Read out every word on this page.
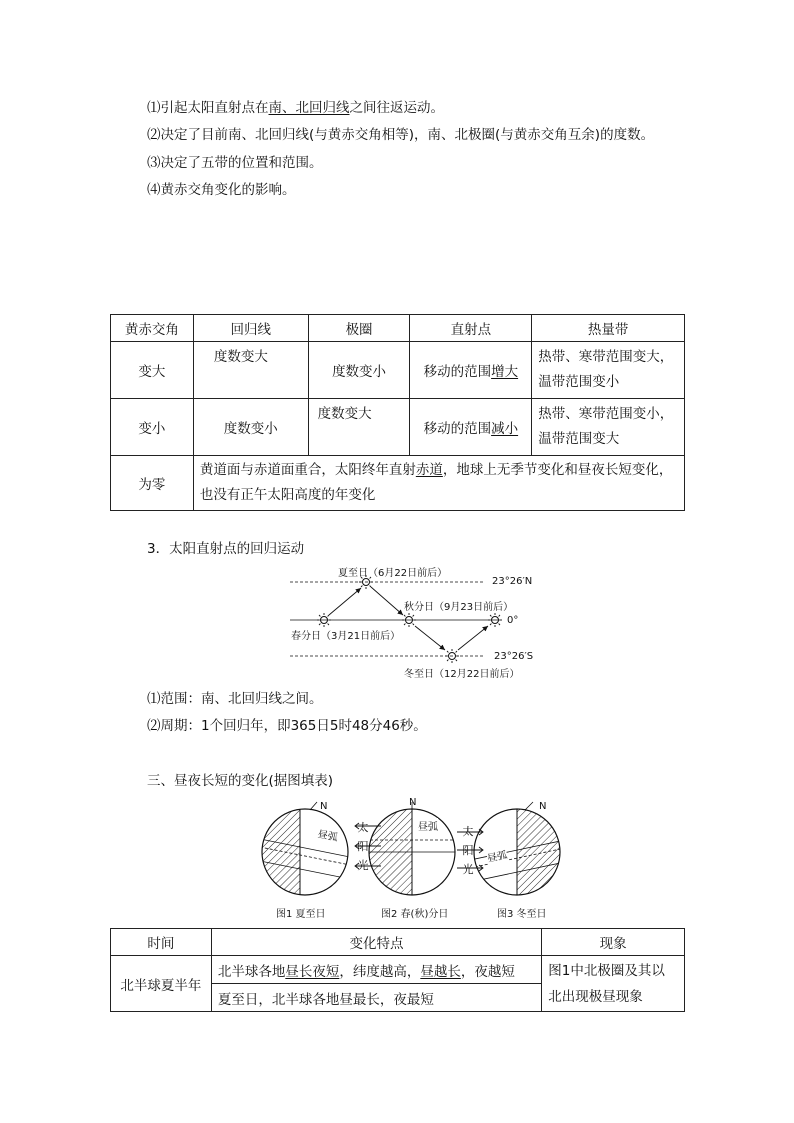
⑴引起太阳直射点在南、北回归线之间往返运动。
⑵决定了目前南、北回归线(与黄赤交角相等)，南、北极圈(与黄赤交角互余)的度数。
⑶决定了五带的位置和范围。
⑷黄赤交角变化的影响。
黄赤交角	回归线	极圈	直射点	热量带
变大	度数变大	度数变小	移动的范围增大	热带、寒带范围变大，
温带范围变小

变小	度数变小	度数变大	移动的范围减小	热带、寒带范围变小，
温带范围变大

为零	黄道面与赤道面重合，太阳终年直射赤道，地球上无季节变化和昼夜长短变化，
也没有正午太阳高度的年变化			
3．太阳直射点的回归运动
夏至日（6月22日前后）
秋分日（9月23日前后）
春分日（3月21日前后）
冬至日（12月22日前后）
23°26′N
0°
23°26′S
⑴范围：南、北回归线之间。
⑵周期：1个回归年，即365日5时48分46秒。
三、昼夜长短的变化(据图填表)
N	N	N
昼弧
昼弧
昼弧
太
阳
光
太
阳
光
图1 夏至日	图2 春(秋)分日	图3 冬至日
时间	变化特点	现象
北半球夏半年	北半球各地昼长夜短，纬度越高，昼越长，夜越短	图1中北极圈及其以
北出现极昼现象

	夏至日，北半球各地昼最长，夜最短	
